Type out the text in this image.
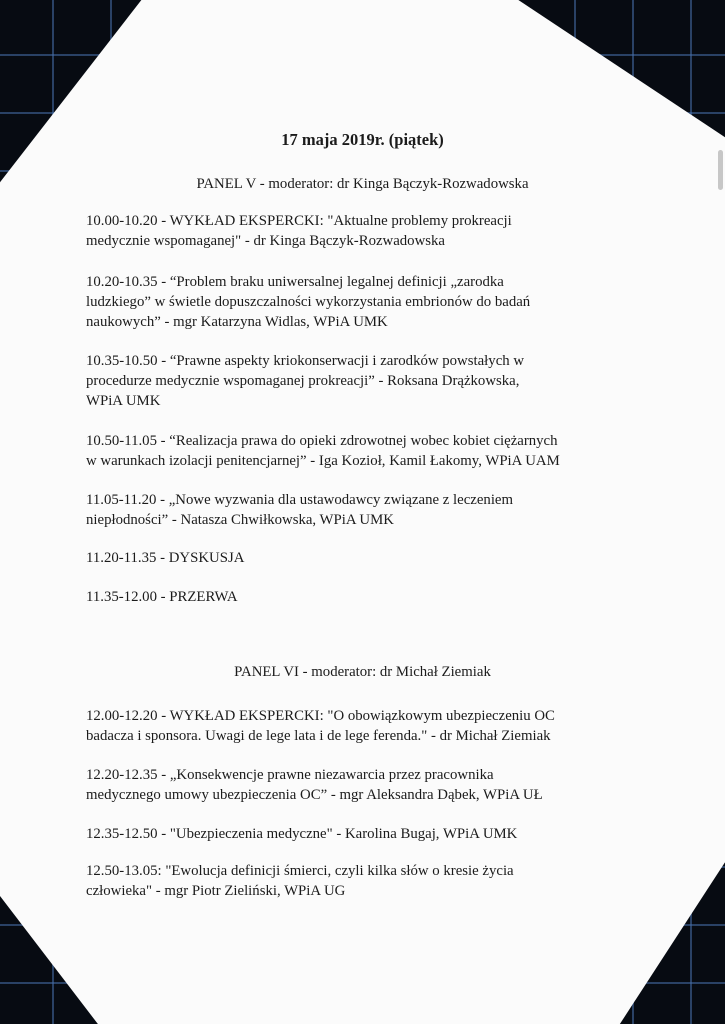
17 maja 2019r. (piątek)
PANEL V - moderator: dr Kinga Bączyk-Rozwadowska

10.00-10.20 - WYKŁAD EKSPERCKI: "Aktualne problemy prokreacji
medycznie wspomaganej" - dr Kinga Bączyk-Rozwadowska

10.20-10.35 - “Problem braku uniwersalnej legalnej definicji „zarodka
ludzkiego” w świetle dopuszczalności wykorzystania embrionów do badań
naukowych” - mgr Katarzyna Widlas, WPiA UMK

10.35-10.50 - “Prawne aspekty kriokonserwacji i zarodków powstałych w
procedurze medycznie wspomaganej prokreacji” - Roksana Drążkowska,
WPiA UMK

10.50-11.05 - “Realizacja prawa do opieki zdrowotnej wobec kobiet ciężarnych
w warunkach izolacji penitencjarnej” - Iga Kozioł, Kamil Łakomy, WPiA UAM

11.05-11.20 - „Nowe wyzwania dla ustawodawcy związane z leczeniem
niepłodności” - Natasza Chwiłkowska, WPiA UMK

11.20-11.35 - DYSKUSJA

11.35-12.00 - PRZERWA

PANEL VI - moderator: dr Michał Ziemiak

12.00-12.20 - WYKŁAD EKSPERCKI: "O obowiązkowym ubezpieczeniu OC
badacza i sponsora. Uwagi de lege lata i de lege ferenda." - dr Michał Ziemiak

12.20-12.35 - „Konsekwencje prawne niezawarcia przez pracownika
medycznego umowy ubezpieczenia OC” - mgr Aleksandra Dąbek, WPiA UŁ

12.35-12.50 - "Ubezpieczenia medyczne" - Karolina Bugaj, WPiA UMK

12.50-13.05: "Ewolucja definicji śmierci, czyli kilka słów o kresie życia
człowieka" - mgr Piotr Zieliński, WPiA UG
